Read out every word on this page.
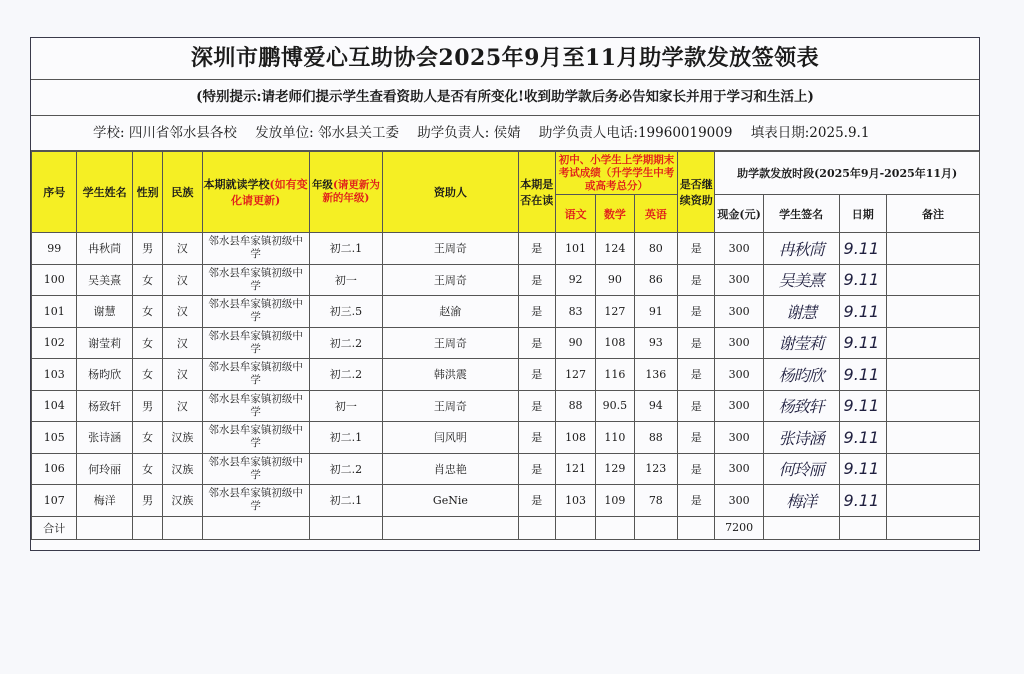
深圳市鹏博爱心互助协会2025年9月至11月助学款发放签领表
(特别提示:请老师们提示学生查看资助人是否有所变化!收到助学款后务必告知家长并用于学习和生活上)
学校: 四川省邻水县各校 发放单位: 邻水县关工委 助学负责人: 侯婧 助学负责人电话:19960019009 填表日期:2025.9.1
序号	学生姓名	性别	民族	本期就读学校(如有变化请更新)	年级(请更新为新的年级)	资助人	本期是否在读	初中、小学生上学期期末考试成绩（升学学生中考或高考总分）			是否继续资助	助学款发放时段(2025年9月-2025年11月)			
								语文	数学	英语		现金(元)	学生签名	日期	备注
99	冉秋茼	男	汉	邻水县牟家镇初级中学	初二.1	王周奇	是	101	124	80	是	300	冉秋茼	9.11	
100	吴美熹	女	汉	邻水县牟家镇初级中学	初一	王周奇	是	92	90	86	是	300	吴美熹	9.11	
101	谢慧	女	汉	邻水县牟家镇初级中学	初三.5	赵渝	是	83	127	91	是	300	谢慧	9.11	
102	谢莹莉	女	汉	邻水县牟家镇初级中学	初二.2	王周奇	是	90	108	93	是	300	谢莹莉	9.11	
103	杨昀欣	女	汉	邻水县牟家镇初级中学	初二.2	韩洪震	是	127	116	136	是	300	杨昀欣	9.11	
104	杨致轩	男	汉	邻水县牟家镇初级中学	初一	王周奇	是	88	90.5	94	是	300	杨致轩	9.11	
105	张诗涵	女	汉族	邻水县牟家镇初级中学	初二.1	闫风明	是	108	110	88	是	300	张诗涵	9.11	
106	何玲丽	女	汉族	邻水县牟家镇初级中学	初二.2	肖忠艳	是	121	129	123	是	300	何玲丽	9.11	
107	梅洋	男	汉族	邻水县牟家镇初级中学	初二.1	GeNie	是	103	109	78	是	300	梅洋	9.11	
合计												7200			
